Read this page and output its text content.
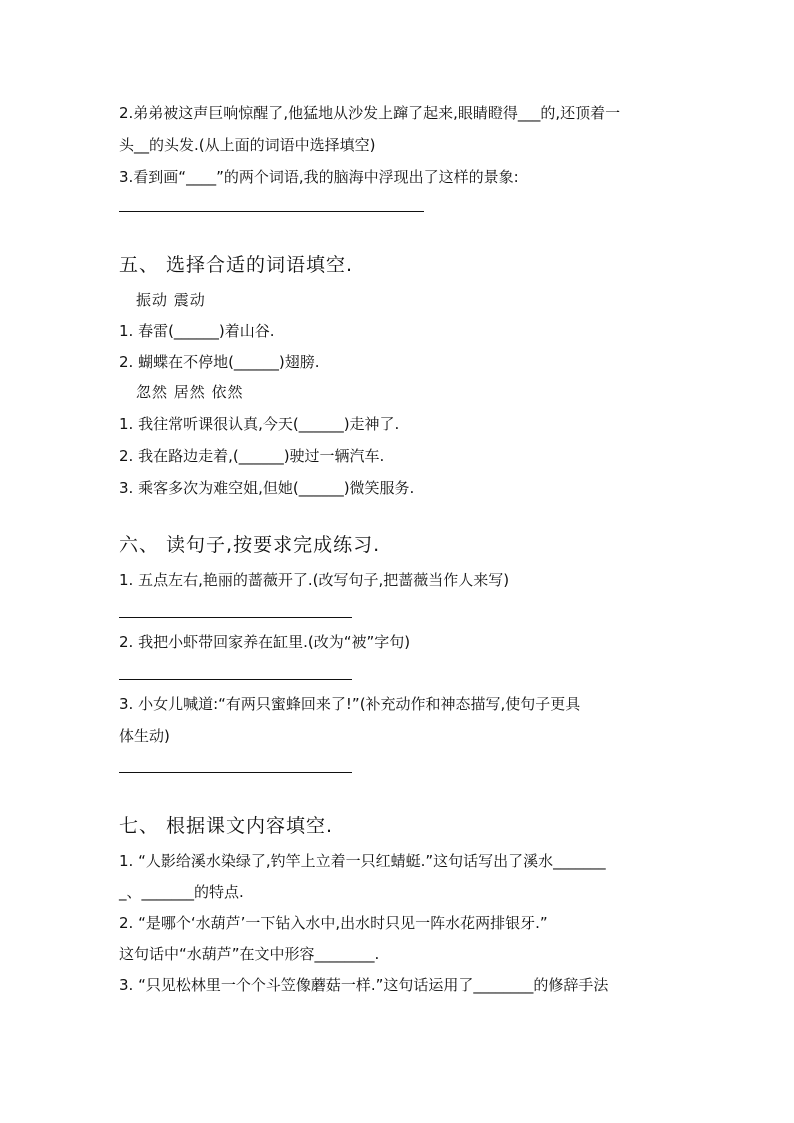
2.弟弟被这声巨响惊醒了,他猛地从沙发上蹿了起来,眼睛瞪得___的,还顶着一
头__的头发.(从上面的词语中选择填空)
3.看到画“____”的两个词语,我的脑海中浮现出了这样的景象:
五、 选择合适的词语填空.
振动 震动
1. 春雷(______)着山谷.
2. 蝴蝶在不停地(______)翅膀.
忽然 居然 依然
1. 我往常听课很认真,今天(______)走神了.
2. 我在路边走着,(______)驶过一辆汽车.
3. 乘客多次为难空姐,但她(______)微笑服务.
六、 读句子,按要求完成练习.
1. 五点左右,艳丽的蔷薇开了.(改写句子,把蔷薇当作人来写)
2. 我把小虾带回家养在缸里.(改为“被”字句)
3. 小女儿喊道:“有两只蜜蜂回来了!”(补充动作和神态描写,使句子更具
体生动)
七、 根据课文内容填空.
1. “人影给溪水染绿了,钓竿上立着一只红蜻蜓.”这句话写出了溪水_______
_、_______的特点.
2. “是哪个‘水葫芦’一下钻入水中,出水时只见一阵水花两排银牙.”
这句话中“水葫芦”在文中形容________.
3. “只见松林里一个个斗笠像蘑菇一样.”这句话运用了________的修辞手法
